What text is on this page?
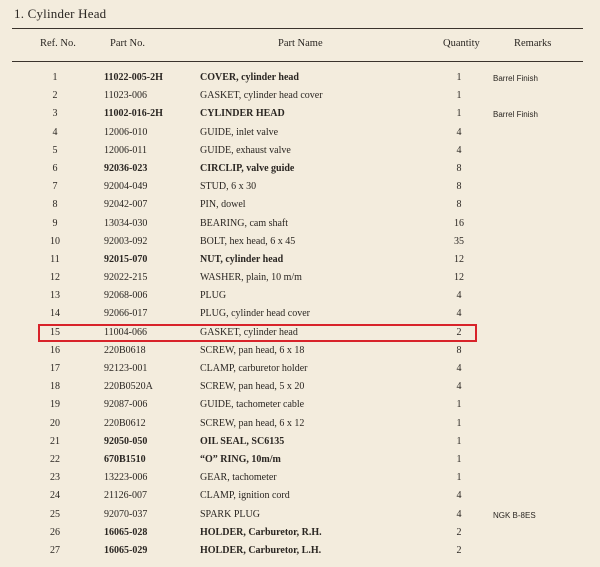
1. Cylinder Head
Ref. No.	Part No.	Part Name	Quantity	Remarks
1	11022-005-2H	COVER, cylinder head	1	Barrel Finish
2	11023-006	GASKET, cylinder head cover	1
3	11002-016-2H	CYLINDER HEAD	1	Barrel Finish
4	12006-010	GUIDE, inlet valve	4
5	12006-011	GUIDE, exhaust valve	4
6	92036-023	CIRCLIP, valve guide	8
7	92004-049	STUD, 6 x 30	8
8	92042-007	PIN, dowel	8
9	13034-030	BEARING, cam shaft	16
10	92003-092	BOLT, hex head, 6 x 45	35
11	92015-070	NUT, cylinder head	12
12	92022-215	WASHER, plain, 10 m/m	12
13	92068-006	PLUG	4
14	92066-017	PLUG, cylinder head cover	4
15	11004-066	GASKET, cylinder head	2
16	220B0618	SCREW, pan head, 6 x 18	8
17	92123-001	CLAMP, carburetor holder	4
18	220B0520A	SCREW, pan head, 5 x 20	4
19	92087-006	GUIDE, tachometer cable	1
20	220B0612	SCREW, pan head, 6 x 12	1
21	92050-050	OIL SEAL, SC6135	1
22	670B1510	“O” RING, 10m/m	1
23	13223-006	GEAR, tachometer	1
24	21126-007	CLAMP, ignition cord	4
25	92070-037	SPARK PLUG	4	NGK B-8ES
26	16065-028	HOLDER, Carburetor, R.H.	2
27	16065-029	HOLDER, Carburetor, L.H.	2
